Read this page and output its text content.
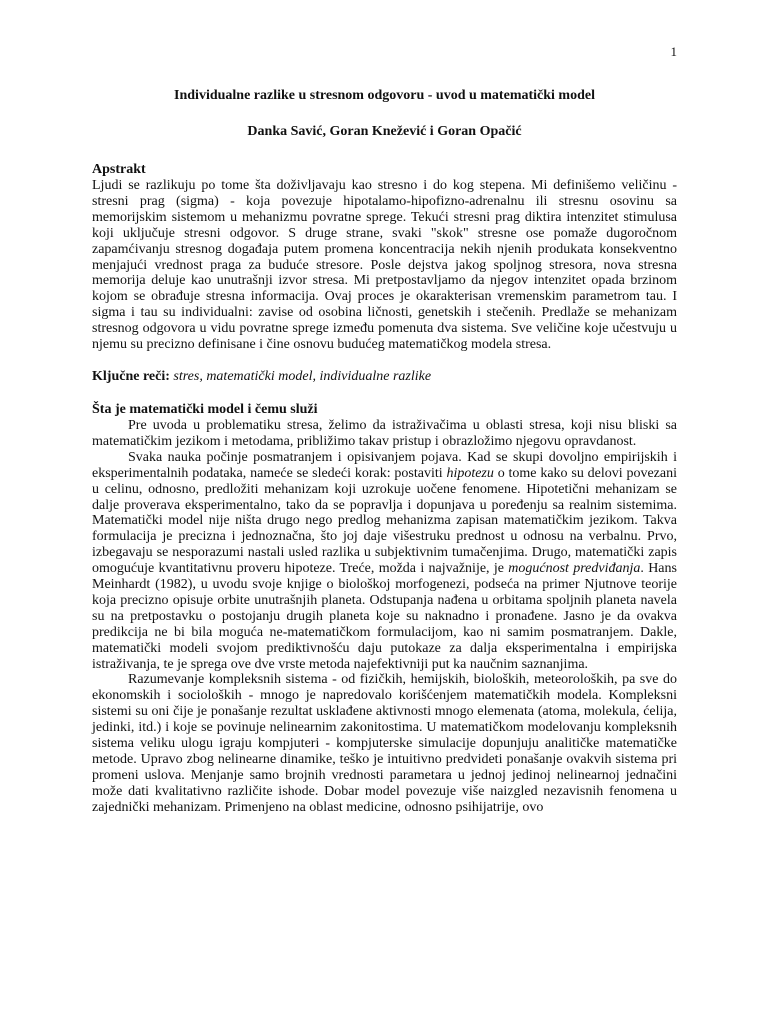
1
Individualne razlike u stresnom odgovoru - uvod u matematički model
Danka Savić, Goran Knežević i Goran Opačić
Apstrakt

Ljudi se razlikuju po tome šta doživljavaju kao stresno i do kog stepena. Mi definišemo veličinu - stresni prag (sigma) - koja povezuje hipotalamo-hipofizno-adrenalnu ili stresnu osovinu sa memorijskim sistemom u mehanizmu povratne sprege. Tekući stresni prag diktira intenzitet stimulusa koji uključuje stresni odgovor. S druge strane, svaki "skok" stresne ose pomaže dugoročnom zapamćivanju stresnog događaja putem promena koncentracija nekih njenih produkata konsekventno menjajući vrednost praga za buduće stresore. Posle dejstva jakog spoljnog stresora, nova stresna memorija deluje kao unutrašnji izvor stresa. Mi pretpostavljamo da njegov intenzitet opada brzinom kojom se obrađuje stresna informacija. Ovaj proces je okarakterisan vremenskim parametrom tau. I sigma i tau su individualni: zavise od osobina ličnosti, genetskih i stečenih. Predlaže se mehanizam stresnog odgovora u vidu povratne sprege između pomenuta dva sistema. Sve veličine koje učestvuju u njemu su precizno definisane i čine osnovu budućeg matematičkog modela stresa.

Ključne reči: stres, matematički model, individualne razlike
Šta je matematički model i čemu služi

Pre uvoda u problematiku stresa, želimo da istraživačima u oblasti stresa, koji nisu bliski sa matematičkim jezikom i metodama, približimo takav pristup i obrazložimo njegovu opravdanost.

Svaka nauka počinje posmatranjem i opisivanjem pojava. Kad se skupi dovoljno empirijskih i eksperimentalnih podataka, nameće se sledeći korak: postaviti hipotezu o tome kako su delovi povezani u celinu, odnosno, predložiti mehanizam koji uzrokuje uočene fenomene. Hipotetični mehanizam se dalje proverava eksperimentalno, tako da se popravlja i dopunjava u poređenju sa realnim sistemima. Matematički model nije ništa drugo nego predlog mehanizma zapisan matematičkim jezikom. Takva formulacija je precizna i jednoznačna, što joj daje višestruku prednost u odnosu na verbalnu. Prvo, izbegavaju se nesporazumi nastali usled razlika u subjektivnim tumačenjima. Drugo, matematički zapis omogućuje kvantitativnu proveru hipoteze. Treće, možda i najvažnije, je mogućnost predviđanja. Hans Meinhardt (1982), u uvodu svoje knjige o biološkoj morfogenezi, podseća na primer Njutnove teorije koja precizno opisuje orbite unutrašnjih planeta. Odstupanja nađena u orbitama spoljnih planeta navela su na pretpostavku o postojanju drugih planeta koje su naknadno i pronađene. Jasno je da ovakva predikcija ne bi bila moguća ne-matematičkom formulacijom, kao ni samim posmatranjem. Dakle, matematički modeli svojom prediktivnošću daju putokaze za dalja eksperimentalna i empirijska istraživanja, te je sprega ove dve vrste metoda najefektivniji put ka naučnim saznanjima.

Razumevanje kompleksnih sistema - od fizičkih, hemijskih, bioloških, meteoroloških, pa sve do ekonomskih i socioloških - mnogo je napredovalo korišćenjem matematičkih modela. Kompleksni sistemi su oni čije je ponašanje rezultat usklađene aktivnosti mnogo elemenata (atoma, molekula, ćelija, jedinki, itd.) i koje se povinuje nelinearnim zakonitostima. U matematičkom modelovanju kompleksnih sistema veliku ulogu igraju kompjuteri - kompjuterske simulacije dopunjuju analitičke matematičke metode. Upravo zbog nelinearne dinamike, teško je intuitivno predvideti ponašanje ovakvih sistema pri promeni uslova. Menjanje samo brojnih vrednosti parametara u jednoj jedinoj nelinearnoj jednačini može dati kvalitativno različite ishode. Dobar model povezuje više naizgled nezavisnih fenomena u zajednički mehanizam. Primenjeno na oblast medicine, odnosno psihijatrije, ovo
